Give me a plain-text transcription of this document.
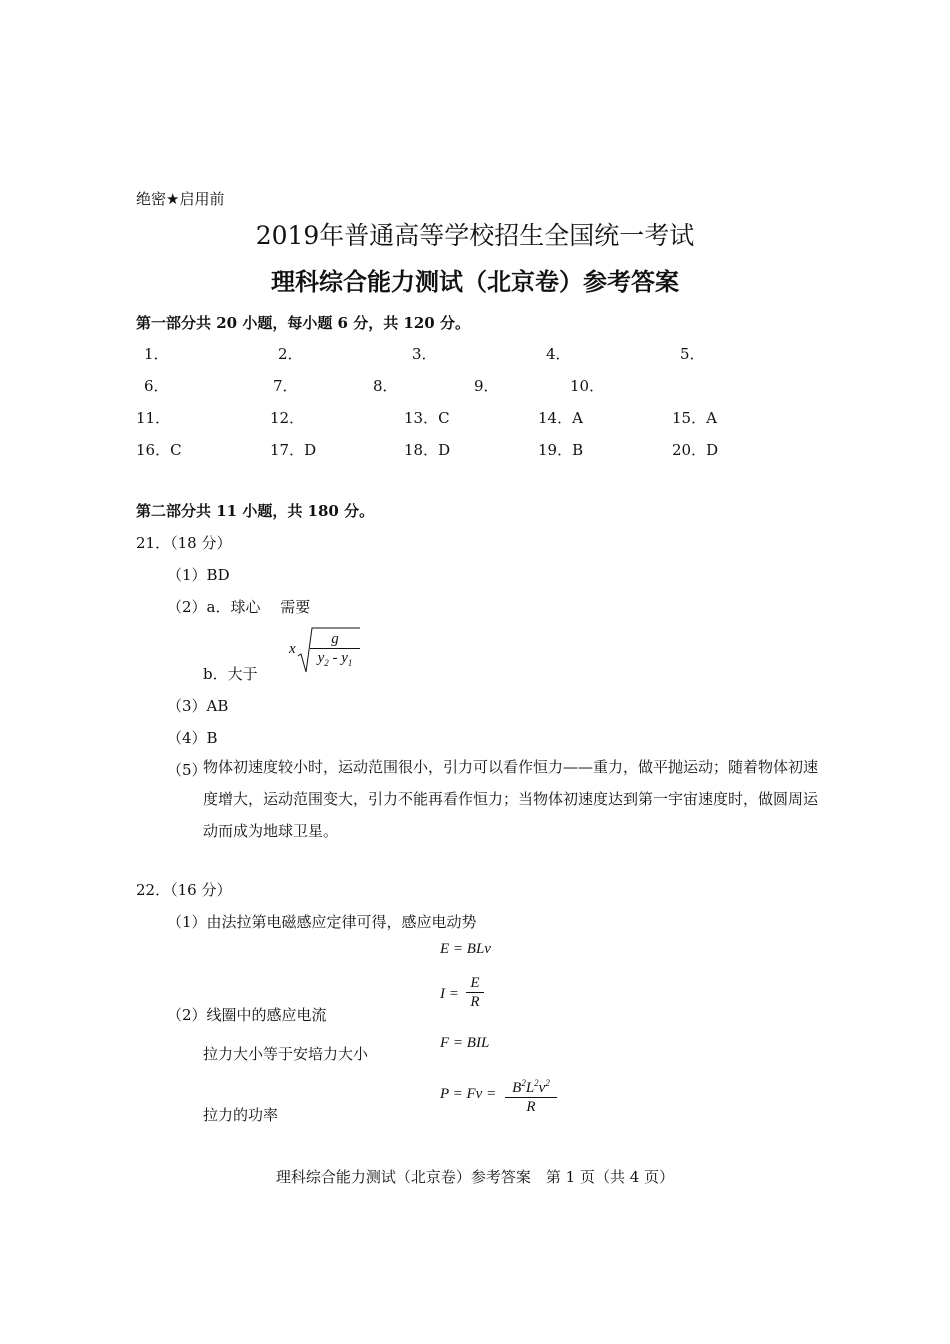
绝密★启用前
2019年普通高等学校招生全国统一考试
理科综合能力测试（北京卷）参考答案
第一部分共 20 小题，每小题 6 分，共 120 分。
1．	2．	3．	4．	5．
6．	7．	8．	9．	10．
11．	12．	13．C	14．A	15．A
16．C	17．D	18．D	19．B	20．D
第二部分共 11 小题，共 180 分。
21．（18 分）
（1）BD
（2）a．球心　 需要
b．大于
x
g
$y_2 - y_1$
（3）AB
（4）B
（5）
物体初速度较小时，运动范围很小，引力可以看作恒力——重力，做平抛运动；随着物体初速度增大，运动范围变大，引力不能再看作恒力；当物体初速度达到第一宇宙速度时，做圆周运动而成为地球卫星。
22．（16 分）
（1）由法拉第电磁感应定律可得，感应电动势
E = BLv
（2）线圈中的感应电流
I =
E
R
拉力大小等于安培力大小
F = BIL
拉力的功率
P = Fv =	$B^2L^2v^2$
R
理科综合能力测试（北京卷）参考答案　第 1 页（共 4 页）
